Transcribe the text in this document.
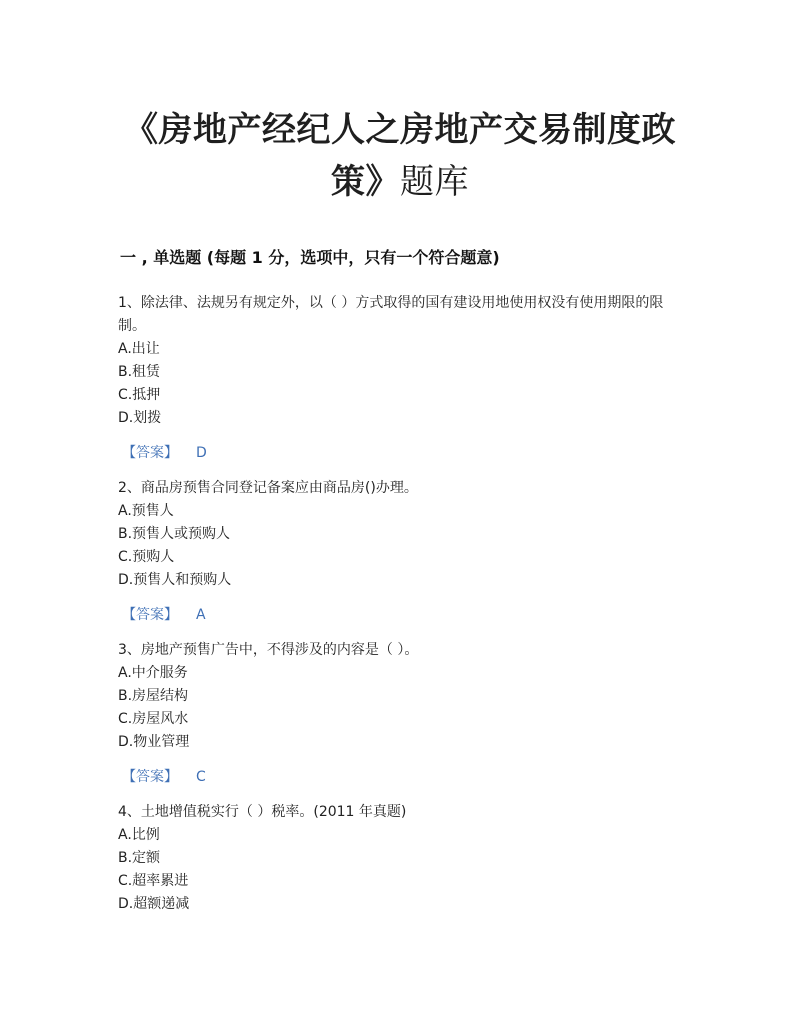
《房地产经纪人之房地产交易制度政
策》题库
一 , 单选题 (每题 1 分，选项中，只有一个符合题意)

1、除法律、法规另有规定外，以（ ）方式取得的国有建设用地使用权没有使用期限的限制。

A.出让

B.租赁

C.抵押

D.划拨

【答案】 D

2、商品房预售合同登记备案应由商品房()办理。

A.预售人

B.预售人或预购人

C.预购人

D.预售人和预购人

【答案】 A

3、房地产预售广告中，不得涉及的内容是（ ）。

A.中介服务

B.房屋结构

C.房屋风水

D.物业管理

【答案】 C

4、土地增值税实行（ ）税率。(2011 年真题)

A.比例

B.定额

C.超率累进

D.超额递减
